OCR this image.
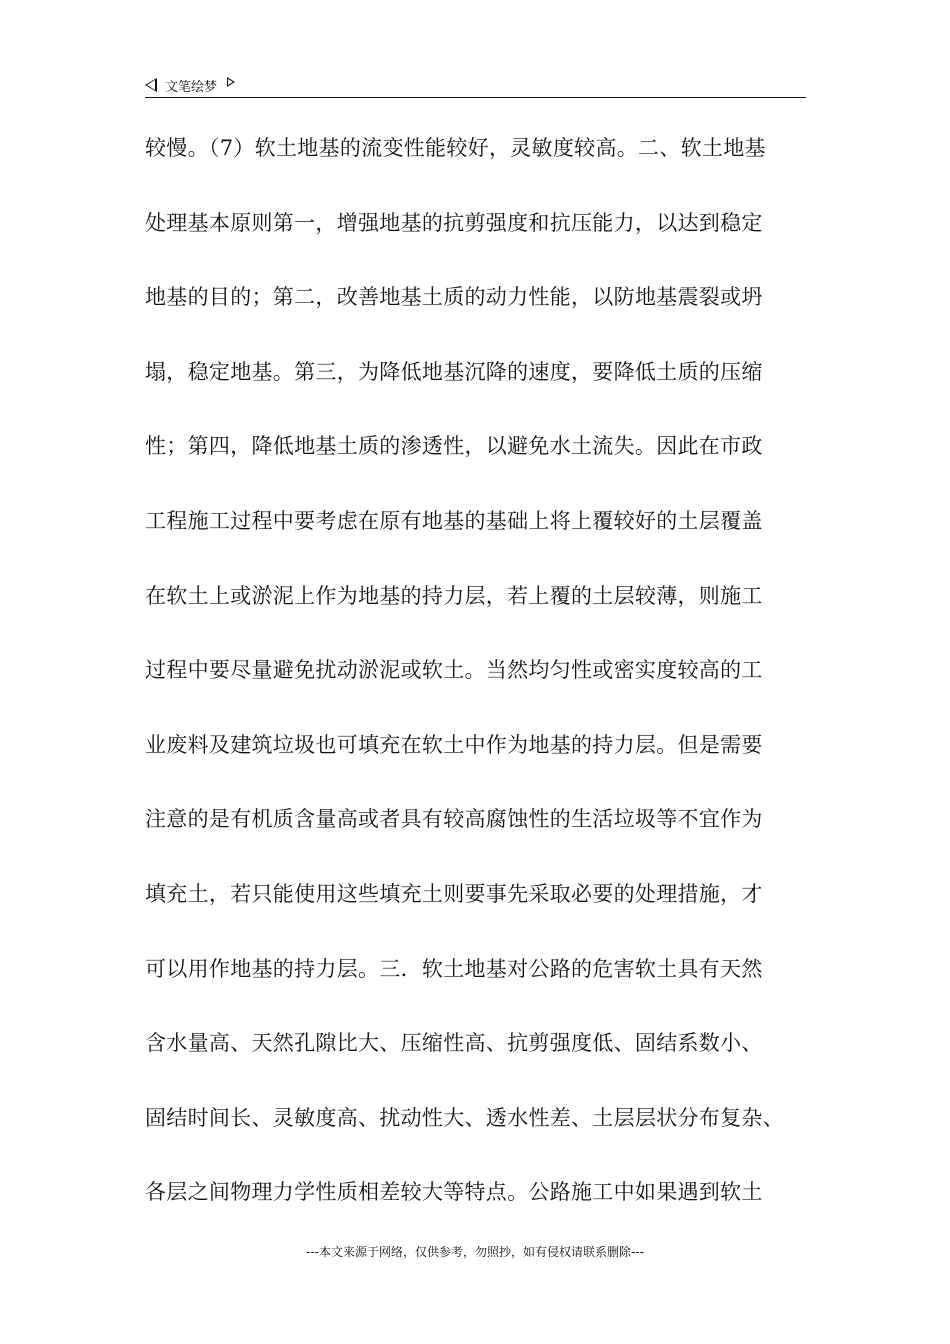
文笔绘梦
较慢。（7）软土地基的流变性能较好，灵敏度较高。二、软土地基
处理基本原则第一，增强地基的抗剪强度和抗压能力，以达到稳定
地基的目的；第二，改善地基土质的动力性能，以防地基震裂或坍
塌，稳定地基。第三，为降低地基沉降的速度，要降低土质的压缩
性；第四，降低地基土质的渗透性，以避免水土流失。因此在市政
工程施工过程中要考虑在原有地基的基础上将上覆较好的土层覆盖
在软土上或淤泥上作为地基的持力层，若上覆的土层较薄，则施工
过程中要尽量避免扰动淤泥或软土。当然均匀性或密实度较高的工
业废料及建筑垃圾也可填充在软土中作为地基的持力层。但是需要
注意的是有机质含量高或者具有较高腐蚀性的生活垃圾等不宜作为
填充土，若只能使用这些填充土则要事先采取必要的处理措施，才
可以用作地基的持力层。三．软土地基对公路的危害软土具有天然
含水量高、天然孔隙比大、压缩性高、抗剪强度低、固结系数小、
固结时间长、灵敏度高、扰动性大、透水性差、土层层状分布复杂、
各层之间物理力学性质相差较大等特点。公路施工中如果遇到软土
---本文来源于网络，仅供参考，勿照抄，如有侵权请联系删除---
